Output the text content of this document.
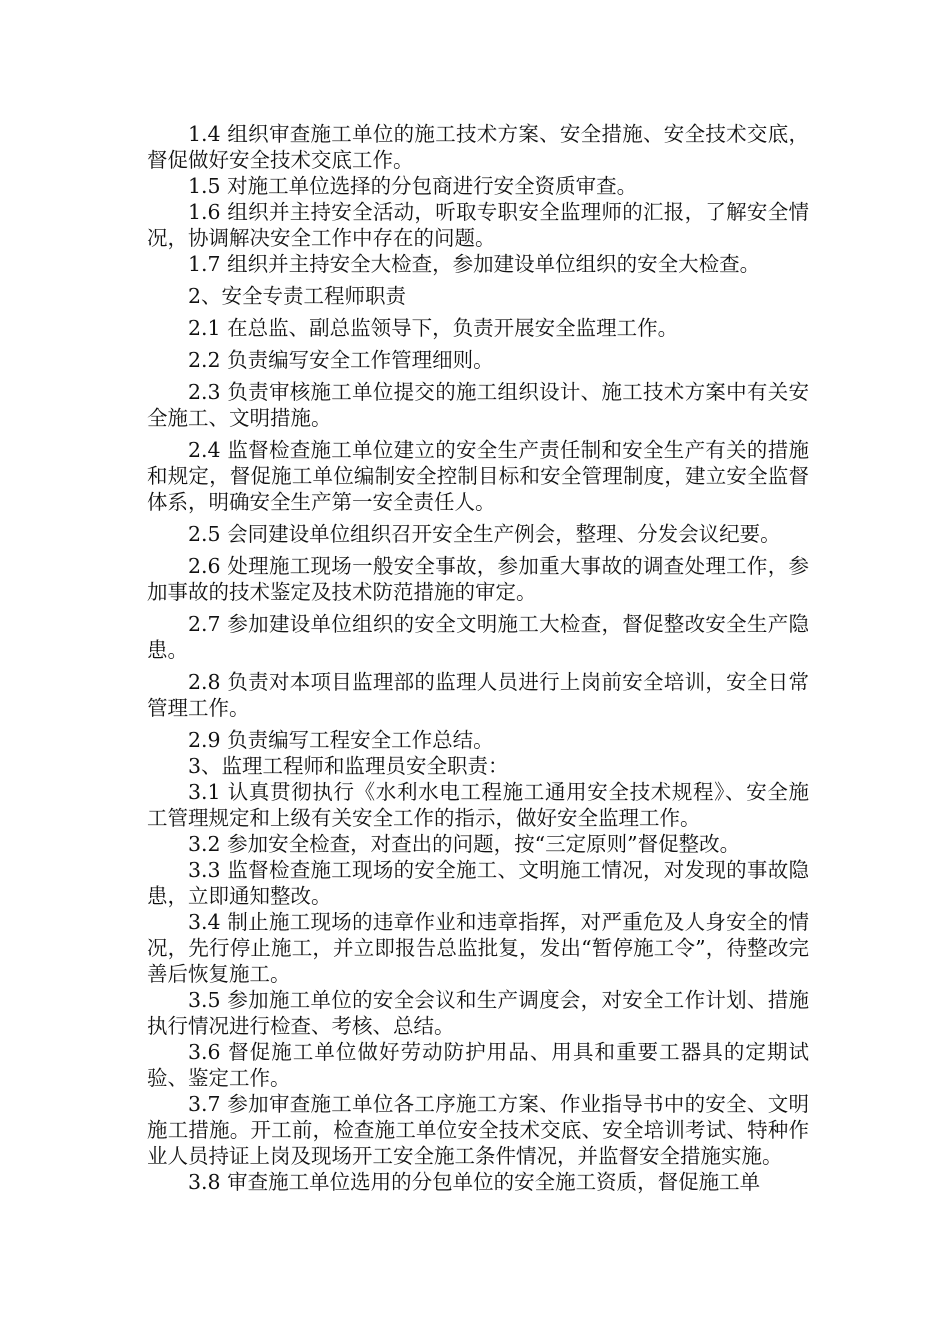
1.4 组织审查施工单位的施工技术方案、安全措施、安全技术交底，督促做好安全技术交底工作。

1.5 对施工单位选择的分包商进行安全资质审查。

1.6 组织并主持安全活动，听取专职安全监理师的汇报，了解安全情况，协调解决安全工作中存在的问题。

1.7 组织并主持安全大检查，参加建设单位组织的安全大检查。

2、安全专责工程师职责

2.1 在总监、副总监领导下，负责开展安全监理工作。

2.2 负责编写安全工作管理细则。

2.3 负责审核施工单位提交的施工组织设计、施工技术方案中有关安全施工、文明措施。

2.4 监督检查施工单位建立的安全生产责任制和安全生产有关的措施和规定，督促施工单位编制安全控制目标和安全管理制度，建立安全监督体系，明确安全生产第一安全责任人。

2.5 会同建设单位组织召开安全生产例会，整理、分发会议纪要。

2.6 处理施工现场一般安全事故，参加重大事故的调查处理工作，参加事故的技术鉴定及技术防范措施的审定。

2.7 参加建设单位组织的安全文明施工大检查，督促整改安全生产隐患。

2.8 负责对本项目监理部的监理人员进行上岗前安全培训，安全日常管理工作。

2.9 负责编写工程安全工作总结。

3、监理工程师和监理员安全职责：

3.1 认真贯彻执行《水利水电工程施工通用安全技术规程》、安全施工管理规定和上级有关安全工作的指示，做好安全监理工作。

3.2 参加安全检查，对查出的问题，按“三定原则”督促整改。

3.3 监督检查施工现场的安全施工、文明施工情况，对发现的事故隐患，立即通知整改。

3.4 制止施工现场的违章作业和违章指挥，对严重危及人身安全的情况，先行停止施工，并立即报告总监批复，发出“暂停施工令”，待整改完善后恢复施工。

3.5 参加施工单位的安全会议和生产调度会，对安全工作计划、措施执行情况进行检查、考核、总结。

3.6 督促施工单位做好劳动防护用品、用具和重要工器具的定期试验、鉴定工作。

3.7 参加审查施工单位各工序施工方案、作业指导书中的安全、文明施工措施。开工前，检查施工单位安全技术交底、安全培训考试、特种作业人员持证上岗及现场开工安全施工条件情况，并监督安全措施实施。

3.8 审查施工单位选用的分包单位的安全施工资质，督促施工单
